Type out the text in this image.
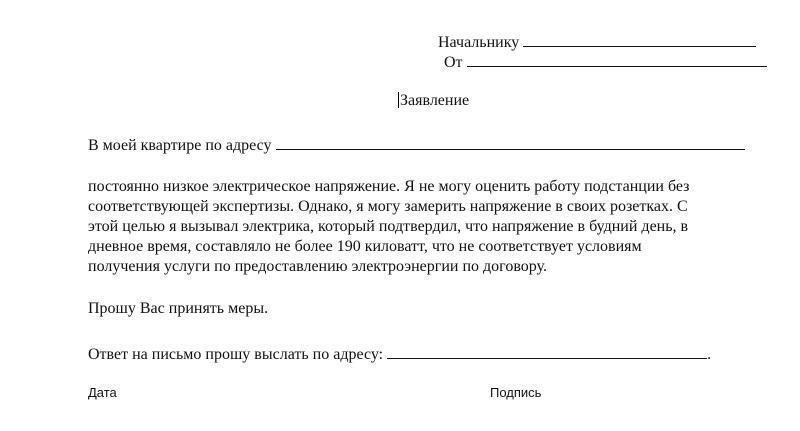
Начальнику
От
Заявление
В моей квартире по адресу
постоянно низкое электрическое напряжение. Я не могу оценить работу подстанции без
соответствующей экспертизы. Однако, я могу замерить напряжение в своих розетках. С
этой целью я вызывал электрика, который подтвердил, что напряжение в будний день, в
дневное время, составляло не более 190 киловатт, что не соответствует условиям
получения услуги по предоставлению электроэнергии по договору.
Прошу Вас принять меры.
Ответ на письмо прошу выслать по адресу:	.
Дата	Подпись
